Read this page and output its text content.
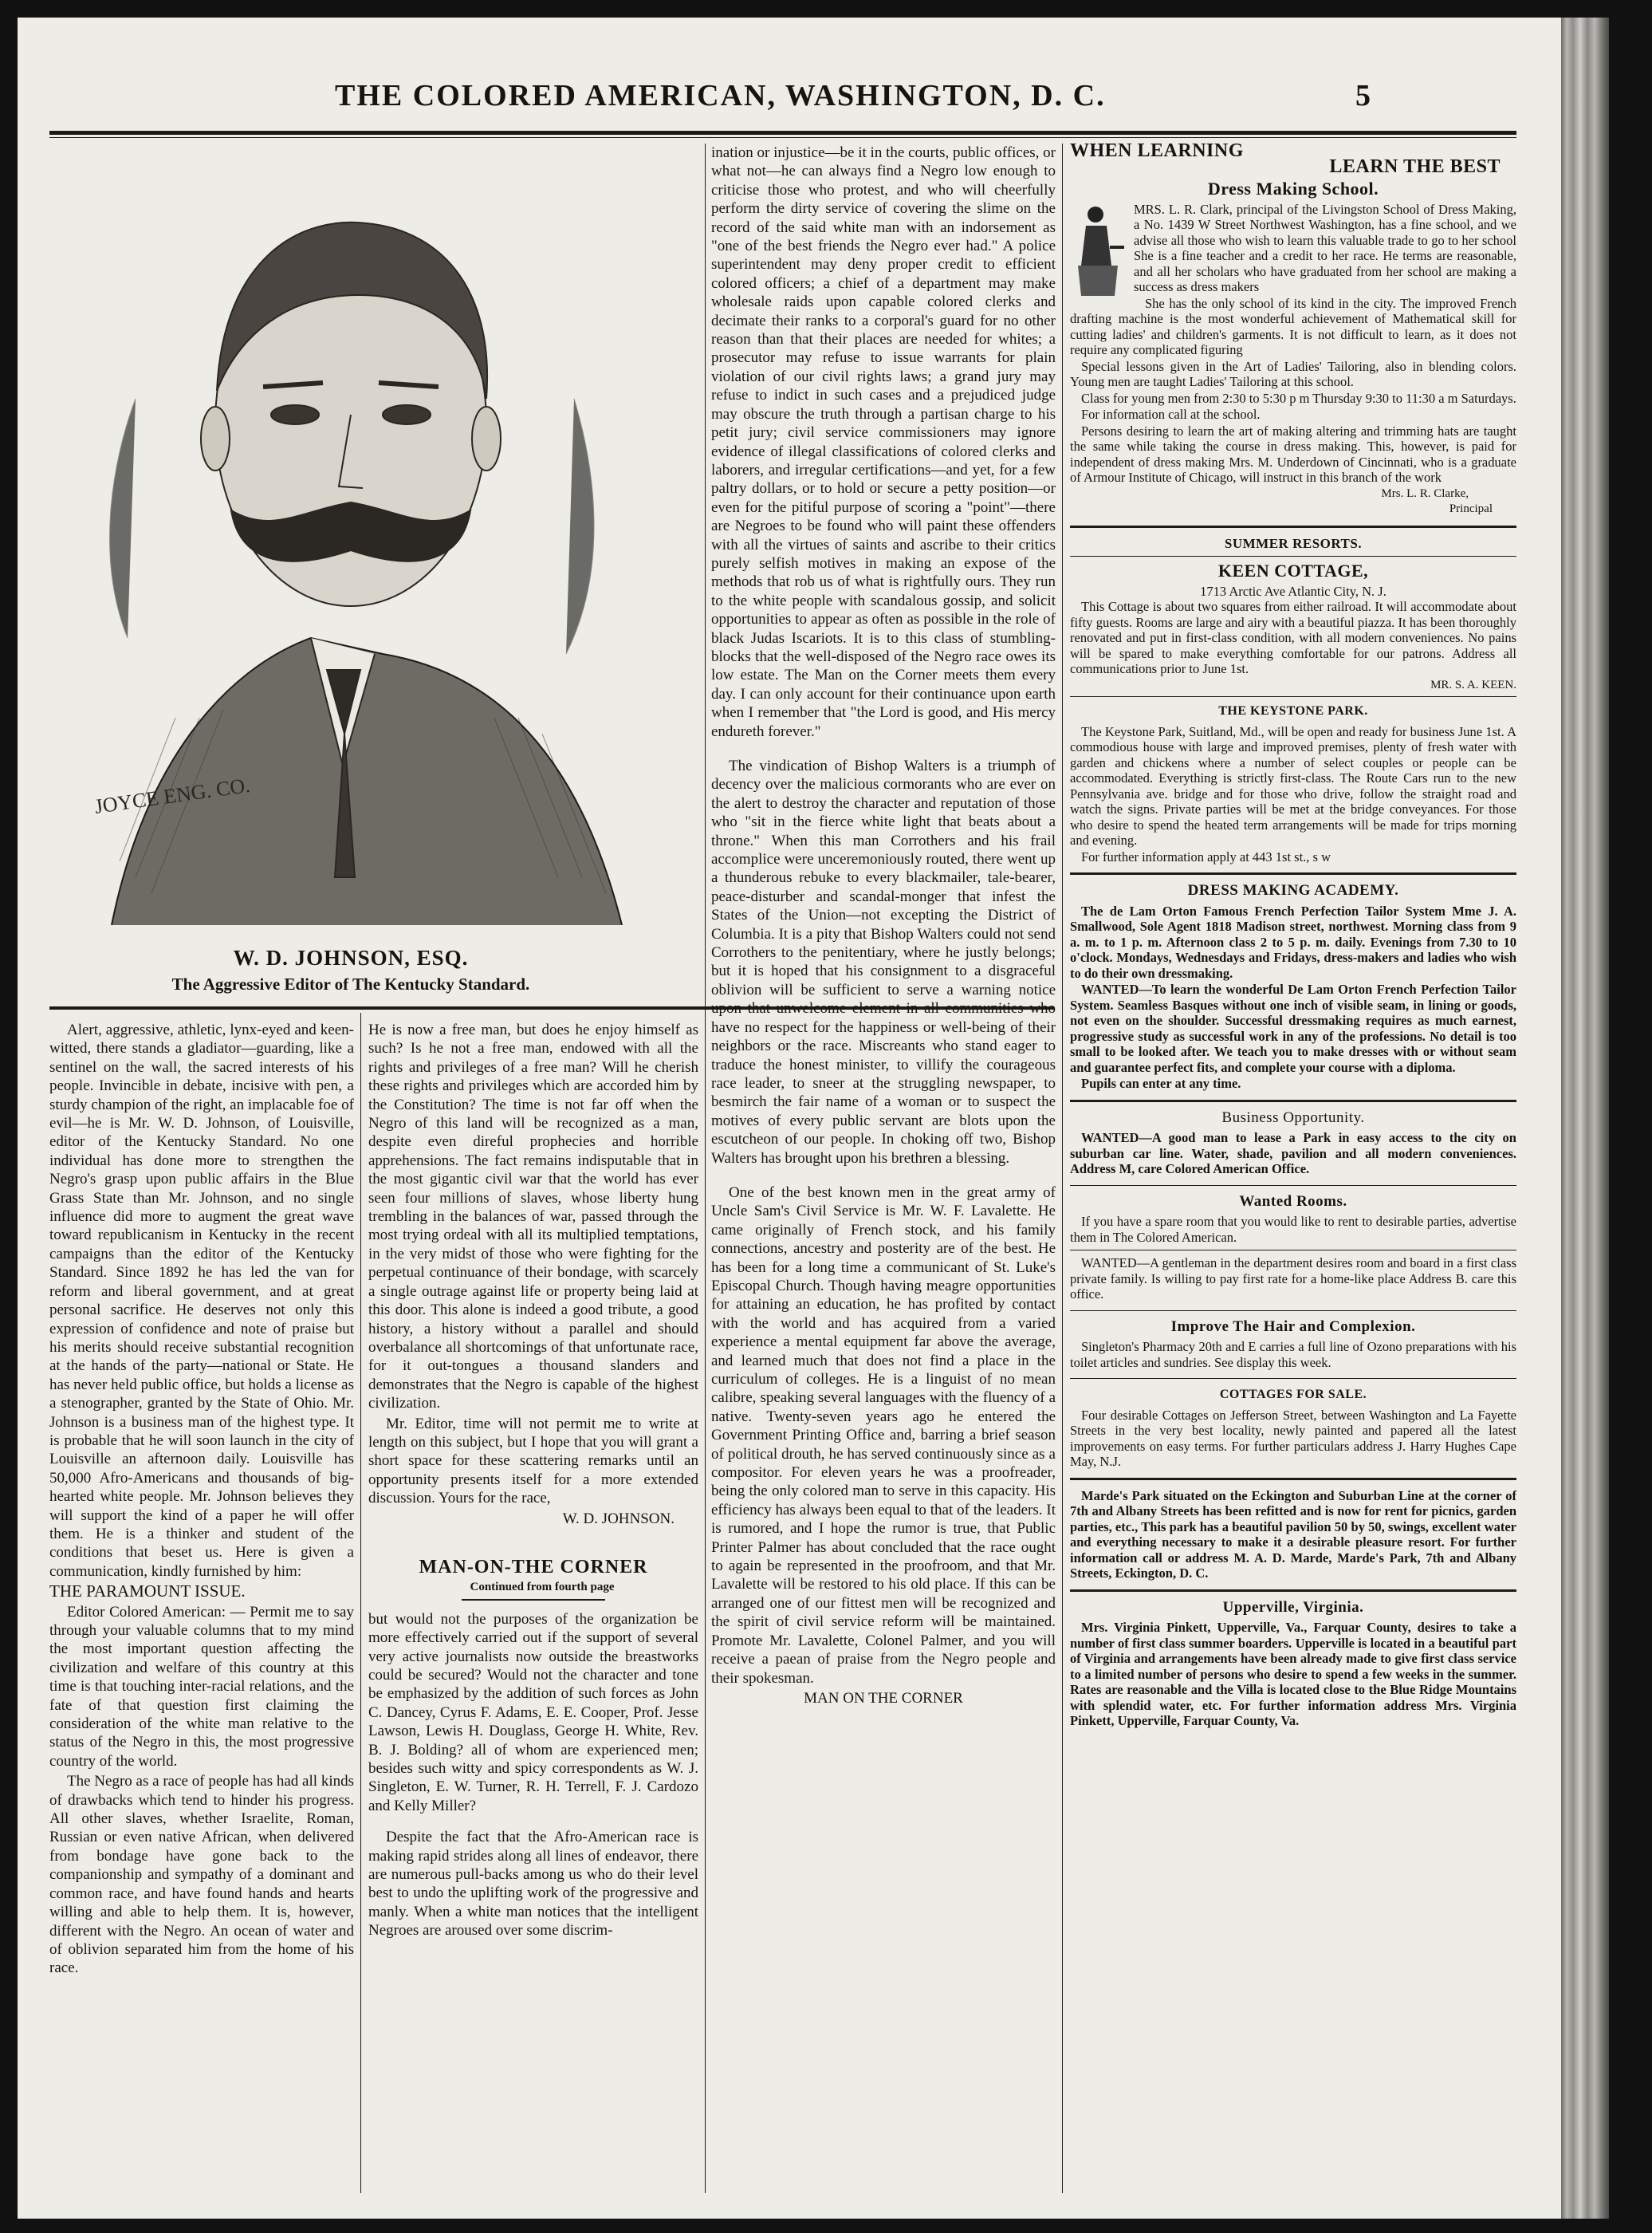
THE COLORED AMERICAN, WASHINGTON, D. C.	5
JOYCE ENG. CO.
W. D. JOHNSON, ESQ.
The Aggressive Editor of The Kentucky Standard.

Alert, aggressive, athletic, lynx-eyed and keen-witted, there stands a gladiator—guarding, like a sentinel on the wall, the sacred interests of his people. Invincible in debate, incisive with pen, a sturdy champion of the right, an implacable foe of evil—he is Mr. W. D. Johnson, of Louisville, editor of the Kentucky Standard. No one individual has done more to strengthen the Negro's grasp upon public affairs in the Blue Grass State than Mr. Johnson, and no single influence did more to augment the great wave toward republicanism in Kentucky in the recent campaigns than the editor of the Kentucky Standard. Since 1892 he has led the van for reform and liberal government, and at great personal sacrifice. He deserves not only this expression of confidence and note of praise but his merits should receive substantial recognition at the hands of the party—national or State. He has never held public office, but holds a license as a stenographer, granted by the State of Ohio. Mr. Johnson is a business man of the highest type. It is probable that he will soon launch in the city of Louisville an afternoon daily. Louisville has 50,000 Afro-Americans and thousands of big-hearted white people. Mr. Johnson believes they will support the kind of a paper he will offer them. He is a thinker and student of the conditions that beset us. Here is given a communication, kindly furnished by him:

THE PARAMOUNT ISSUE.

Editor Colored American: — Permit me to say through your valuable columns that to my mind the most important question affecting the civilization and welfare of this country at this time is that touching inter-racial relations, and the fate of that question first claiming the consideration of the white man relative to the status of the Negro in this, the most progressive country of the world.

The Negro as a race of people has had all kinds of drawbacks which tend to hinder his progress. All other slaves, whether Israelite, Roman, Russian or even native African, when delivered from bondage have gone back to the companionship and sympathy of a dominant and common race, and have found hands and hearts willing and able to help them. It is, however, different with the Negro. An ocean of water and of oblivion separated him from the home of his race.

He is now a free man, but does he enjoy himself as such? Is he not a free man, endowed with all the rights and privileges of a free man? Will he cherish these rights and privileges which are accorded him by the Constitution? The time is not far off when the Negro of this land will be recognized as a man, despite even direful prophecies and horrible apprehensions. The fact remains indisputable that in the most gigantic civil war that the world has ever seen four millions of slaves, whose liberty hung trembling in the balances of war, passed through the most trying ordeal with all its multiplied temptations, in the very midst of those who were fighting for the perpetual continuance of their bondage, with scarcely a single outrage against life or property being laid at this door. This alone is indeed a good tribute, a good history, a history without a parallel and should overbalance all shortcomings of that unfortunate race, for it out-tongues a thousand slanders and demonstrates that the Negro is capable of the highest civilization.

Mr. Editor, time will not permit me to write at length on this subject, but I hope that you will grant a short space for these scattering remarks until an opportunity presents itself for a more extended discussion. Yours for the race,

W. D. JOHNSON.

MAN-ON-THE CORNER

Continued from fourth page

but would not the purposes of the organization be more effectively carried out if the support of several very active journalists now outside the breastworks could be secured? Would not the character and tone be emphasized by the addition of such forces as John C. Dancey, Cyrus F. Adams, E. E. Cooper, Prof. Jesse Lawson, Lewis H. Douglass, George H. White, Rev. B. J. Bolding? all of whom are experienced men; besides such witty and spicy correspondents as W. J. Singleton, E. W. Turner, R. H. Terrell, F. J. Cardozo and Kelly Miller?

Despite the fact that the Afro-American race is making rapid strides along all lines of endeavor, there are numerous pull-backs among us who do their level best to undo the uplifting work of the progressive and manly. When a white man notices that the intelligent Negroes are aroused over some discrim-

ination or injustice—be it in the courts, public offices, or what not—he can always find a Negro low enough to criticise those who protest, and who will cheerfully perform the dirty service of covering the slime on the record of the said white man with an indorsement as "one of the best friends the Negro ever had." A police superintendent may deny proper credit to efficient colored officers; a chief of a department may make wholesale raids upon capable colored clerks and decimate their ranks to a corporal's guard for no other reason than that their places are needed for whites; a prosecutor may refuse to issue warrants for plain violation of our civil rights laws; a grand jury may refuse to indict in such cases and a prejudiced judge may obscure the truth through a partisan charge to his petit jury; civil service commissioners may ignore evidence of illegal classifications of colored clerks and laborers, and irregular certifications—and yet, for a few paltry dollars, or to hold or secure a petty position—or even for the pitiful purpose of scoring a "point"—there are Negroes to be found who will paint these offenders with all the virtues of saints and ascribe to their critics purely selfish motives in making an expose of the methods that rob us of what is rightfully ours. They run to the white people with scandalous gossip, and solicit opportunities to appear as often as possible in the role of black Judas Iscariots. It is to this class of stumbling-blocks that the well-disposed of the Negro race owes its low estate. The Man on the Corner meets them every day. I can only account for their continuance upon earth when I remember that "the Lord is good, and His mercy endureth forever."

The vindication of Bishop Walters is a triumph of decency over the malicious cormorants who are ever on the alert to destroy the character and reputation of those who "sit in the fierce white light that beats about a throne." When this man Corrothers and his frail accomplice were unceremoniously routed, there went up a thunderous rebuke to every blackmailer, tale-bearer, peace-disturber and scandal-monger that infest the States of the Union—not excepting the District of Columbia. It is a pity that Bishop Walters could not send Corrothers to the penitentiary, where he justly belongs; but it is hoped that his consignment to a disgraceful oblivion will be sufficient to serve a warning notice upon that unwelcome element in all communities who have no respect for the happiness or well-being of their neighbors or the race. Miscreants who stand eager to traduce the honest minister, to villify the courageous race leader, to sneer at the struggling newspaper, to besmirch the fair name of a woman or to suspect the motives of every public servant are blots upon the escutcheon of our people. In choking off two, Bishop Walters has brought upon his brethren a blessing.

One of the best known men in the great army of Uncle Sam's Civil Service is Mr. W. F. Lavalette. He came originally of French stock, and his family connections, ancestry and posterity are of the best. He has been for a long time a communicant of St. Luke's Episcopal Church. Though having meagre opportunities for attaining an education, he has profited by contact with the world and has acquired from a varied experience a mental equipment far above the average, and learned much that does not find a place in the curriculum of colleges. He is a linguist of no mean calibre, speaking several languages with the fluency of a native. Twenty-seven years ago he entered the Government Printing Office and, barring a brief season of political drouth, he has served continuously since as a compositor. For eleven years he was a proofreader, being the only colored man to serve in this capacity. His efficiency has always been equal to that of the leaders. It is rumored, and I hope the rumor is true, that Public Printer Palmer has about concluded that the race ought to again be represented in the proofroom, and that Mr. Lavalette will be restored to his old place. If this can be arranged one of our fittest men will be recognized and the spirit of civil service reform will be maintained. Promote Mr. Lavalette, Colonel Palmer, and you will receive a paean of praise from the Negro people and their spokesman.

MAN ON THE CORNER

WHEN LEARNING
LEARN THE BEST
Dress Making School.

MRS. L. R. Clark, principal of the Livingston School of Dress Making, a No. 1439 W Street Northwest Washington, has a fine school, and we advise all those who wish to learn this valuable trade to go to her school She is a fine teacher and a credit to her race. He terms are reasonable, and all her scholars who have graduated from her school are making a success as dress makers

She has the only school of its kind in the city. The improved French drafting machine is the most wonderful achievement of Mathematical skill for cutting ladies' and children's garments. It is not difficult to learn, as it does not require any complicated figuring

Special lessons given in the Art of Ladies' Tailoring, also in blending colors. Young men are taught Ladies' Tailoring at this school.

Class for young men from 2:30 to 5:30 p m Thursday 9:30 to 11:30 a m Saturdays.

For information call at the school.

Persons desiring to learn the art of making altering and trimming hats are taught the same while taking the course in dress making. This, however, is paid for independent of dress making Mrs. M. Underdown of Cincinnati, who is a graduate of Armour Institute of Chicago, will instruct in this branch of the work

Mrs. L. R. Clarke,
Principal
SUMMER RESORTS.
KEEN COTTAGE,
1713 Arctic Ave Atlantic City, N. J.

This Cottage is about two squares from either railroad. It will accommodate about fifty guests. Rooms are large and airy with a beautiful piazza. It has been thoroughly renovated and put in first-class condition, with all modern conveniences. No pains will be spared to make everything comfortable for our patrons. Address all communications prior to June 1st.

MR. S. A. KEEN.
THE KEYSTONE PARK.

The Keystone Park, Suitland, Md., will be open and ready for business June 1st. A commodious house with large and improved premises, plenty of fresh water with garden and chickens where a number of select couples or people can be accommodated. Everything is strictly first-class. The Route Cars run to the new Pennsylvania ave. bridge and for those who drive, follow the straight road and watch the signs. Private parties will be met at the bridge conveyances. For those who desire to spend the heated term arrangements will be made for trips morning and evening.

For further information apply at 443 1st st., s w

DRESS MAKING ACADEMY.

The de Lam Orton Famous French Perfection Tailor System Mme J. A. Smallwood, Sole Agent 1818 Madison street, northwest. Morning class from 9 a. m. to 1 p. m. Afternoon class 2 to 5 p. m. daily. Evenings from 7.30 to 10 o'clock. Mondays, Wednesdays and Fridays, dress-makers and ladies who wish to do their own dressmaking.

WANTED—To learn the wonderful De Lam Orton French Perfection Tailor System. Seamless Basques without one inch of visible seam, in lining or goods, not even on the shoulder. Successful dressmaking requires as much earnest, progressive study as successful work in any of the professions. No detail is too small to be looked after. We teach you to make dresses with or without seam and guarantee perfect fits, and complete your course with a diploma.

Pupils can enter at any time.

Business Opportunity.

WANTED—A good man to lease a Park in easy access to the city on suburban car line. Water, shade, pavilion and all modern conveniences. Address M, care Colored American Office.

Wanted Rooms.

If you have a spare room that you would like to rent to desirable parties, advertise them in The Colored American.

WANTED—A gentleman in the department desires room and board in a first class private family. Is willing to pay first rate for a home-like place Address B. care this office.

Improve The Hair and Complexion.

Singleton's Pharmacy 20th and E carries a full line of Ozono preparations with his toilet articles and sundries. See display this week.

COTTAGES FOR SALE.

Four desirable Cottages on Jefferson Street, between Washington and La Fayette Streets in the very best locality, newly painted and papered all the latest improvements on easy terms. For further particulars address J. Harry Hughes Cape May, N.J.

Marde's Park situated on the Eckington and Suburban Line at the corner of 7th and Albany Streets has been refitted and is now for rent for picnics, garden parties, etc., This park has a beautiful pavilion 50 by 50, swings, excellent water and everything necessary to make it a desirable pleasure resort. For further information call or address M. A. D. Marde, Marde's Park, 7th and Albany Streets, Eckington, D. C.

Upperville, Virginia.

Mrs. Virginia Pinkett, Upperville, Va., Farquar County, desires to take a number of first class summer boarders. Upperville is located in a beautiful part of Virginia and arrangements have been already made to give first class service to a limited number of persons who desire to spend a few weeks in the summer. Rates are reasonable and the Villa is located close to the Blue Ridge Mountains with splendid water, etc. For further information address Mrs. Virginia Pinkett, Upperville, Farquar County, Va.
